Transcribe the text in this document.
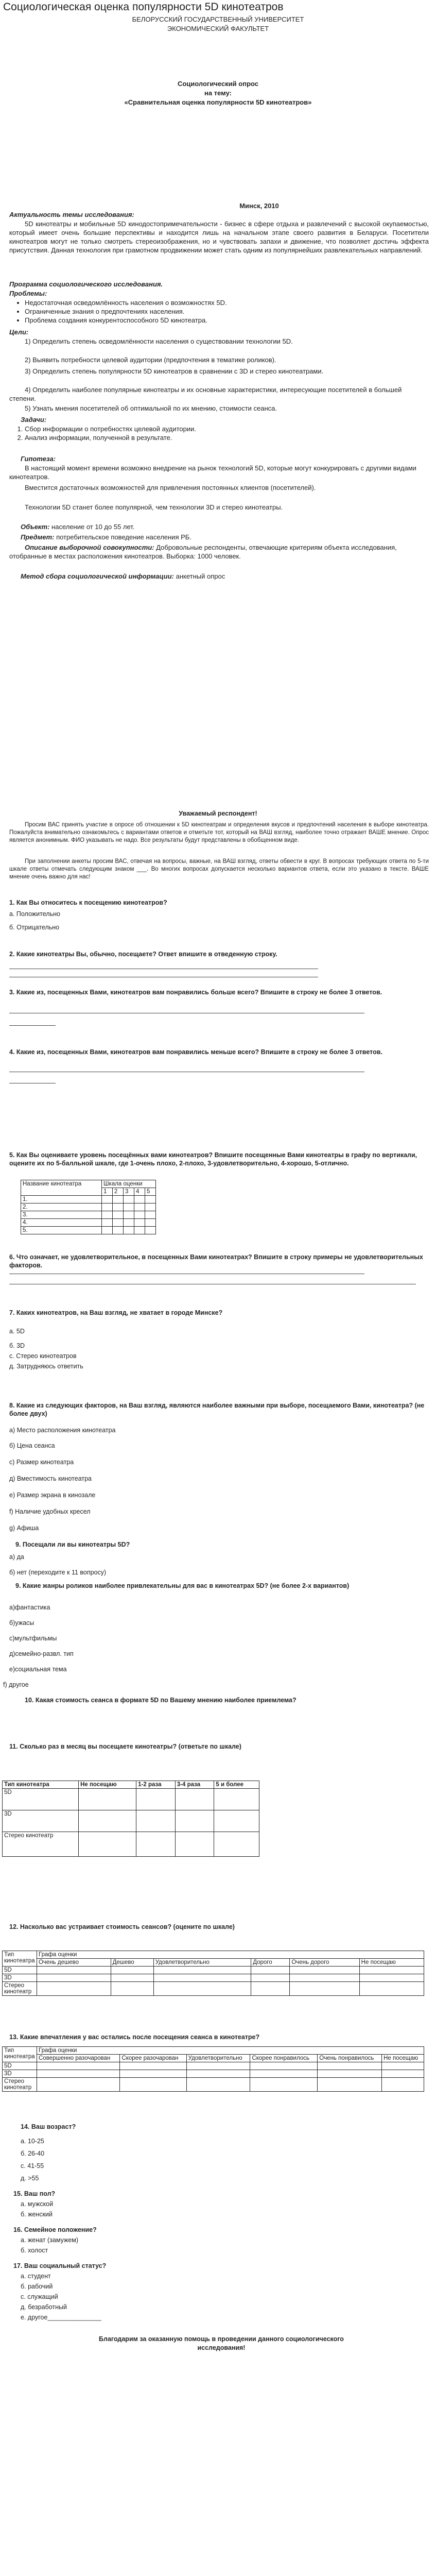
Социологическая оценка популярности 5D кинотеатров
БЕЛОРУССКИЙ ГОСУДАРСТВЕННЫЙ УНИВЕРСИТЕТ
ЭКОНОМИЧЕСКИЙ ФАКУЛЬТЕТ
Социологический опрос
на тему:
«Сравнительная оценка популярности 5D кинотеатров»
Минск, 2010
Актуальность темы исследования:
5D кинотеатры и мобильные 5D кинодостопримечательности - бизнес в сфере отдыха и развлечений с высокой окупаемостью, который имеет очень большие перспективы и находится лишь на начальном этапе своего развития в Беларуси. Посетители кинотеатров могут не только смотреть стереоизображения, но и чувствовать запахи и движение, что позволяет достичь эффекта присутствия. Данная технология при грамотном продвижении может стать одним из популярнейших развлекательных направлений.
Программа социологического исследования.
Проблемы:
• Недостаточная осведомлённость населения о возможностях 5D.
• Ограниченные знания о предпочтениях населения.
• Проблема создания конкурентоспособного 5D кинотеатра.
Цели:
1) Определить степень осведомлённости населения о существовании технологии 5D.
2) Выявить потребности целевой аудитории (предпочтения в тематике роликов).
3) Определить степень популярности 5D кинотеатров в сравнении с 3D и стерео кинотеатрами.
4) Определить наиболее популярные кинотеатры и их основные характеристики, интересующие посетителей в большей степени.
5) Узнать мнения посетителей об оптимальной по их мнению, стоимости сеанса.
Задачи:
1. Сбор информации о потребностях целевой аудитории.
2. Анализ информации, полученной в результате.
Гипотеза:
В настоящий момент времени возможно внедрение на рынок технологий 5D, которые могут конкурировать с другими видами кинотеатров.
Вместится достаточных возможностей для привлечения постоянных клиентов (посетителей).
Технологии 5D станет более популярной, чем технологии 3D и стерео кинотеатры.
Объект: население от 10 до 55 лет.
Предмет: потребительское поведение населения РБ.
Описание выборочной совокупности: Добровольные респонденты, отвечающие критериям объекта исследования, отобранные в местах расположения кинотеатров. Выборка: 1000 человек.
Метод сбора социологической информации: анкетный опрос
Уважаемый респондент!
Просим ВАС принять участие в опросе об отношении к 5D кинотеатрам и определения вкусов и предпочтений населения в выборе кинотеатра. Пожалуйста внимательно ознакомьтесь с вариантами ответов и отметьте тот, который на ВАШ взгляд, наиболее точно отражает ВАШЕ мнение. Опрос является анонимным. ФИО указывать не надо. Все результаты будут представлены в обобщенном виде.
При заполнении анкеты просим ВАС, отвечая на вопросы, важные, на ВАШ взгляд, ответы обвести в круг. В вопросах требующих ответа по 5-ти шкале ответы отмечать следующим знаком ___. Во многих вопросах допускается несколько вариантов ответа, если это указано в тексте. ВАШЕ мнение очень важно для нас!
1. Как Вы относитесь к посещению кинотеатров?
а. Положительно
б. Отрицательно
2. Какие кинотеатры Вы, обычно, посещаете? Ответ впишите в отведенную строку.
3. Какие из, посещенных Вами, кинотеатров вам понравились больше всего? Впишите в строку не более 3 ответов.
4. Какие из, посещенных Вами, кинотеатров вам понравились меньше всего? Впишите в строку не более 3 ответов.
5. Как Вы оцениваете уровень посещённых вами кинотеатров? Впишите посещенные Вами кинотеатры в графу по вертикали, оцените их по 5-балльной шкале, где 1-очень плохо, 2-плохо, 3-удовлетворительно, 4-хорошо, 5-отлично.
Название кинотеатра	Шкала оценки				
	1	2	3	4	5
1.					
2.					
3.					
4.					
5.					
6. Что означает, не удовлетворительное, в посещенных Вами кинотеатрах? Впишите в строку примеры не удовлетворительных факторов.
7. Каких кинотеатров, на Ваш взгляд, не хватает в городе Минске?
а. 5D
б. 3D
с. Стерео кинотеатров
д. Затрудняюсь ответить
8. Какие из следующих факторов, на Ваш взгляд, являются наиболее важными при выборе, посещаемого Вами, кинотеатра? (не более двух)
а) Место расположения кинотеатра
б) Цена сеанса
с) Размер кинотеатра
д) Вместимость кинотеатра
е) Размер экрана в кинозале
f) Наличие удобных кресел
g) Афиша
9. Посещали ли вы кинотеатры 5D?
а) да
б) нет (переходите к 11 вопросу)
9. Какие жанры роликов наиболее привлекательны для вас в кинотеатрах 5D? (не более 2-х вариантов)
а)фантастика
б)ужасы
с)мультфильмы
д)семейно-развл. тип
е)социальная тема
f) другое
10. Какая стоимость сеанса в формате 5D по Вашему мнению наиболее приемлема?
11. Сколько раз в месяц вы посещаете кинотеатры? (ответьте по шкале)
Тип кинотеатра	Не посещаю	1-2 раза	3-4 раза	5 и более
5D				
3D				
Стерео кинотеатр				
12. Насколько вас устраивает стоимость сеансов? (оцените по шкале)
Тип кинотеатра	Графа оценки					
	Очень дешево	Дешево	Удовлетворительно	Дорого	Очень дорого	Не посещаю
5D						
3D						
Стерео кинотеатр						
13. Какие впечатления у вас остались после посещения сеанса в кинотеатре?
Тип кинотеатра	Графа оценки					
	Совершенно разочарован	Скорее разочарован	Удовлетворительно	Скорее понравилось	Очень понравилось	Не посещаю
5D						
3D						
Стерео кинотеатр						
14. Ваш возраст?
а. 10-25
б. 26-40
с. 41-55
д. >55
15. Ваш пол?
а. мужской
б. женский
16. Семейное положение?
а. женат (замужем)
б. холост
17. Ваш социальный статус?
а. студент
б. рабочий
с. служащий
д. безработный
е. другое_______________
Благодарим за оказанную помощь в проведении данного социологического исследования!
